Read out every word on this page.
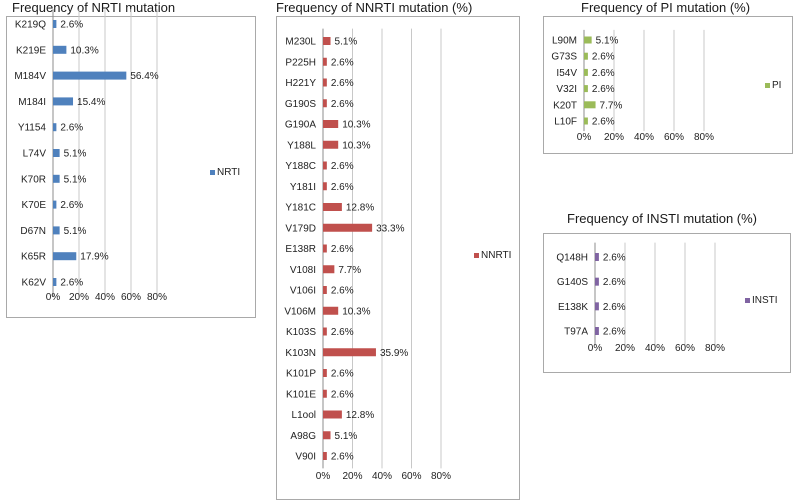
Frequency of NRTI mutation
0% 20% 40% 60% 80%
K219Q 2.6%
K219E 10.3%
M184V	56.4%
M184I	15.4%
Y1154 2.6%
L74V 5.1%
K70R 5.1%
K70E 2.6%
D67N 5.1%
K65R	17.9%
K62V 2.6%
NRTI
Frequency of NNRTI mutation (%)
0% 20% 40% 60% 80%
M230L 5.1%
P225H 2.6%
H221Y 2.6%
G190S 2.6%
G190A	10.3%
Y188L	10.3%
Y188C 2.6%
Y181I 2.6%
Y181C	12.8%
V179D	33.3%
E138R 2.6%
V108I 7.7%
V106I 2.6%
V106M	10.3%
K103S 2.6%
K103N	35.9%
K101P 2.6%
K101E 2.6%
L1ool	12.8%
A98G 5.1%
V90I 2.6%
NNRTI
Frequency of PI mutation (%)
0% 20% 40% 60% 80%
L90M 5.1%
G73S 2.6%
I54V 2.6%
V32I 2.6%
K20T 7.7%
L10F 2.6%
PI
Frequency of INSTI mutation (%)
0% 20% 40% 60% 80%
Q148H 2.6%
G140S 2.6%
E138K 2.6%
T97A 2.6%
INSTI
